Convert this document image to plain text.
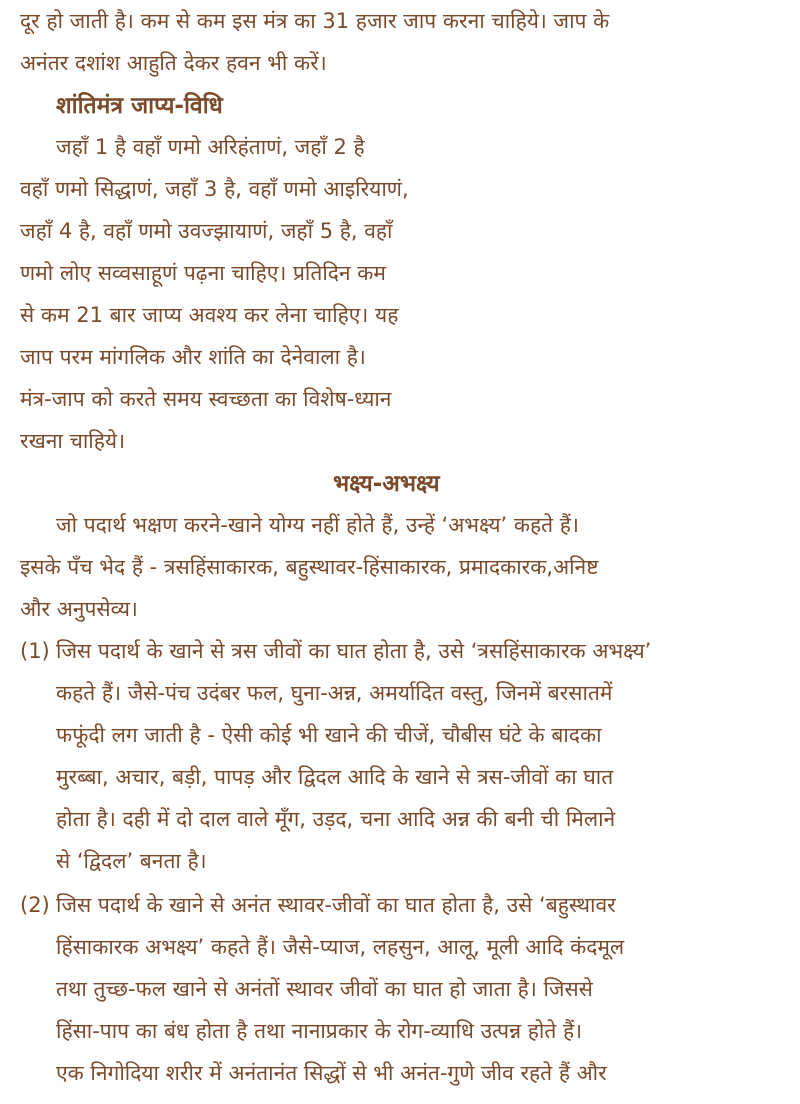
दूर हो जाती है। कम से कम इस मंत्र का 31 हजार जाप करना चाहिये। जाप के
अनंतर दशांश आहुति देकर हवन भी करें।
शांतिमंत्र जाप्य-विधि
जहॉं 1 है वहॉं णमो अरिहंताणं, जहॉं 2 है
वहॉं णमो सिद्धाणं, जहॉं 3 है, वहॉं णमो आइरियाणं,
जहॉं 4 है, वहॉं णमो उवज्झायाणं, जहॉं 5 है, वहॉं
णमो लोए सव्वसाहूणं पढ़ना चाहिए। प्रतिदिन कम
से कम 21 बार जाप्य अवश्य कर लेना चाहिए। यह
जाप परम मांगलिक और शांति का देनेवाला है।
मंत्र-जाप को करते समय स्वच्छता का विशेष-ध्यान
रखना चाहिये।
भक्ष्य-अभक्ष्य
जो पदार्थ भक्षण करने-खाने योग्य नहीं होते हैं, उन्हें ‘अभक्ष्य’ कहते हैं।
इसके पॅंच भेद हैं - त्रसहिंसाकारक, बहुस्थावर-हिंसाकारक, प्रमादकारक,अनिष्ट
और अनुपसेव्य।
(1) जिस पदार्थ के खाने से त्रस जीवों का घात होता है, उसे ‘त्रसहिंसाकारक अभक्ष्य’
कहते हैं। जैसे-पंच उदंबर फल, घुना-अन्न, अमर्यादित वस्तु, जिनमें बरसातमें
फफूंदी लग जाती है - ऐसी कोई भी खाने की चीजें, चौबीस घंटे के बादका
मुरब्बा, अचार, बड़ी, पापड़ और द्विदल आदि के खाने से त्रस-जीवों का घात
होता है। दही में दो दाल वाले मूॅंग, उड़द, चना आदि अन्न की बनी ची मिलाने
से ‘द्विदल’ बनता है।
(2) जिस पदार्थ के खाने से अनंत स्थावर-जीवों का घात होता है, उसे ‘बहुस्थावर
हिंसाकारक अभक्ष्य’ कहते हैं। जैसे-प्याज, लहसुन, आलू, मूली आदि कंदमूल
तथा तुच्छ-फल खाने से अनंतों स्थावर जीवों का घात हो जाता है। जिससे
हिंसा-पाप का बंध होता है तथा नानाप्रकार के रोग-व्याधि उत्पन्न होते हैं।
एक निगोदिया शरीर में अनंतानंत सिद्धों से भी अनंत-गुणे जीव रहते हैं और
